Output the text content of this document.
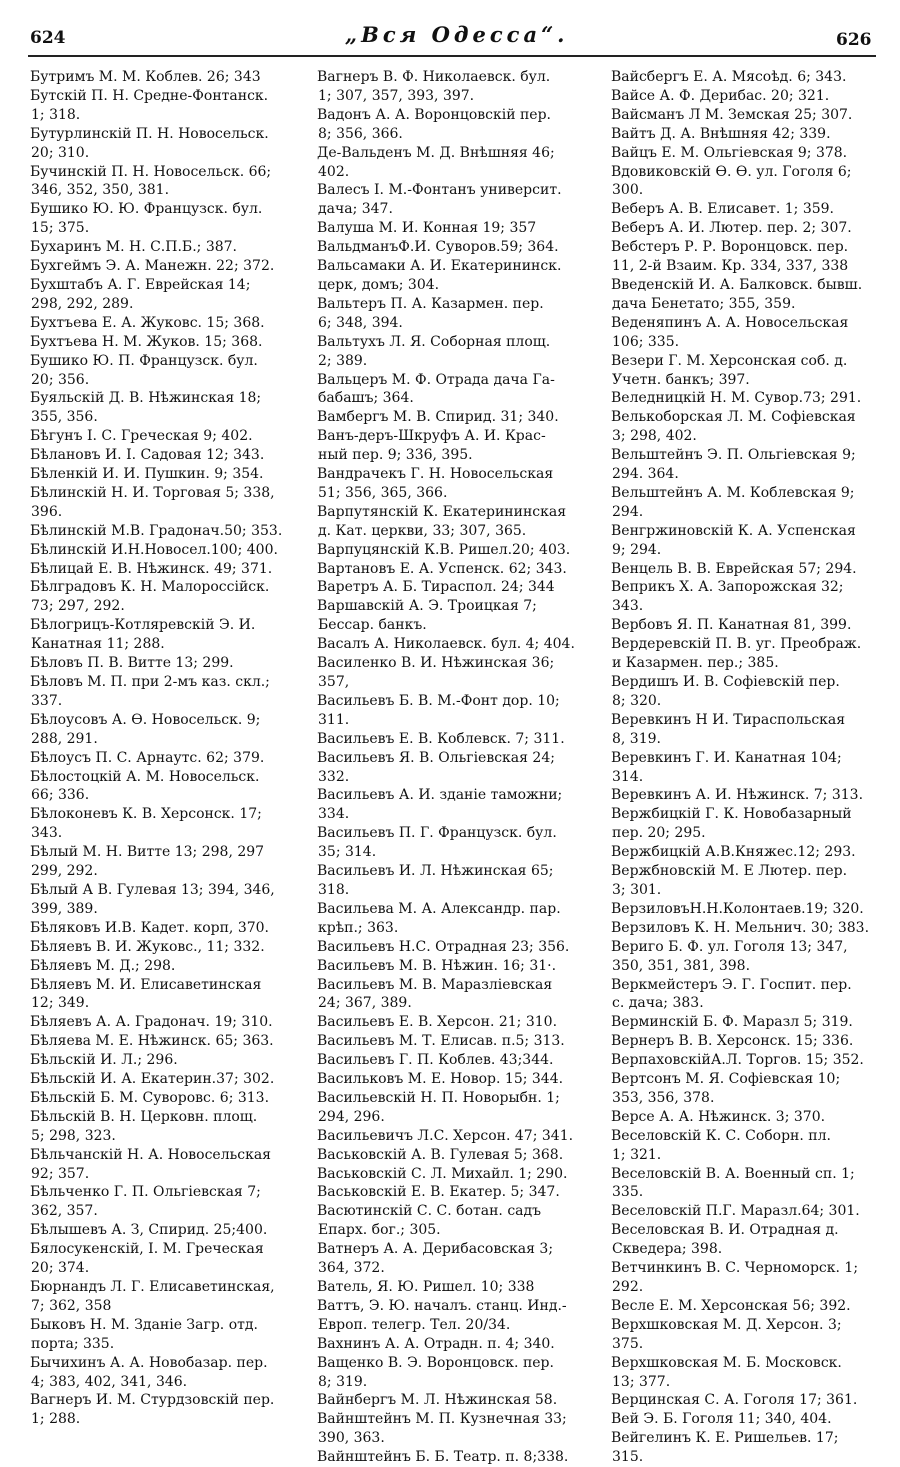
624	„Вся Одесса“.	626

Бутримъ М. М. Коблев. 26; 343

Бутскій П. Н. Средне-Фонтанск.
1; 318.

Бутурлинскій П. Н. Новосельск.
20; 310.

Бучинскій П. Н. Новосельск. 66;
346, 352, 350, 381.

Бушико Ю. Ю. Французск. бул.
15; 375.

Бухаринъ М. Н. С.П.Б.; 387.

Бухгеймъ Э. А. Манежн. 22; 372.

Бухштабъ А. Г. Еврейская 14;
298, 292, 289.

Бухтъева Е. А. Жуковс. 15; 368.

Бухтъева Н. М. Жуков. 15; 368.

Бушико Ю. П. Французск. бул.
20; 356.

Буяльскій Д. В. Нѣжинская 18;
355, 356.

Бѣгунъ І. С. Греческая 9; 402.

Бѣлановъ И. І. Садовая 12; 343.

Бѣленкій И. И. Пушкин. 9; 354.

Бѣлинскій Н. И. Торговая 5; 338,
396.

Бѣлинскій М.В. Градонач.50; 353.

Бѣлинскій И.Н.Новосел.100; 400.

Бѣлицай Е. В. Нѣжинск. 49; 371.

Бѣлградовъ К. Н. Малороссійск.
73; 297, 292.

Бѣлогрицъ-Котляревскій Э. И.
Канатная 11; 288.

Бѣловъ П. В. Витте 13; 299.

Бѣловъ М. П. при 2-мъ каз. скл.;
337.

Бѣлоусовъ А. Ѳ. Новосельск. 9;
288, 291.

Бѣлоусъ П. С. Арнаутс. 62; 379.

Бѣлостоцкій А. М. Новосельск.
66; 336.

Бѣлоконевъ К. В. Херсонск. 17;
343.

Бѣлый М. Н. Витте 13; 298, 297
299, 292.

Бѣлый А В. Гулевая 13; 394, 346,
399, 389.

Бѣляковъ И.В. Кадет. корп, 370.

Бѣляевъ В. И. Жуковс., 11; 332.

Бѣляевъ М. Д.; 298.

Бѣляевъ М. И. Елисаветинская
12; 349.

Бѣляевъ А. А. Градонач. 19; 310.

Бѣляева М. Е. Нѣжинск. 65; 363.

Бѣльскій И. Л.; 296.

Бѣльскій И. А. Екатерин.37; 302.

Бѣльскій Б. М. Суворовс. 6; 313.

Бѣльскій В. Н. Церковн. площ.
5; 298, 323.

Бѣльчанскій Н. А. Новосельская
92; 357.

Бѣльченко Г. П. Ольгіевская 7;
362, 357.

Бѣлышевъ А. З, Спирид. 25;400.

Бялосукенскій, І. М. Греческая
20; 374.

Бюрнандъ Л. Г. Елисаветинская,
7; 362, 358

Быковъ Н. М. Зданіе Загр. отд.
порта; 335.

Бычихинъ А. А. Новобазар. пер.
4; 383, 402, 341, 346.

Вагнеръ И. М. Стурдзовскій пер.
1; 288.

Вагнеръ В. Ф. Николаевск. бул.
1; 307, 357, 393, 397.

Вадонъ А. А. Воронцовскій пер.
8; 356, 366.

Де-Вальденъ М. Д. Внѣшняя 46;
402.

Валесъ І. М.-Фонтанъ университ.
дача; 347.

Валуша М. И. Конная 19; 357

ВальдманъФ.И. Суворов.59; 364.

Вальсамаки А. И. Екатерининск.
церк, домъ; 304.

Вальтеръ П. А. Казармен. пер.
6; 348, 394.

Вальтухъ Л. Я. Соборная площ.
2; 389.

Вальцеръ М. Ф. Отрада дача Га-
бабашъ; 364.

Вамбергъ М. В. Спирид. 31; 340.

Ванъ-деръ-Шкруфъ А. И. Крас-
ный пер. 9; 336, 395.

Вандрачекъ Г. Н. Новосельская
51; 356, 365, 366.

Варпутянскій К. Екатерининская
д. Кат. церкви, 33; 307, 365.

Варпуцянскій К.В. Ришел.20; 403.

Вартановъ Е. А. Успенск. 62; 343.

Варетръ А. Б. Тираспол. 24; 344

Варшавскій А. Э. Троицкая 7;
Бессар. банкъ.

Васалъ А. Николаевск. бул. 4; 404.

Василенко В. И. Нѣжинская 36;
357,

Васильевъ Б. В. М.-Фонт дор. 10;
311.

Васильевъ Е. В. Коблевск. 7; 311.

Васильевъ Я. В. Ольгіевская 24;
332.

Васильевъ А. И. зданіе таможни;
334.

Васильевъ П. Г. Французск. бул.
35; 314.

Васильевъ И. Л. Нѣжинская 65;
318.

Васильева М. А. Александр. пар.
крѣп.; 363.

Васильевъ Н.С. Отрадная 23; 356.

Васильевъ М. В. Нѣжин. 16; 31·.

Васильевъ М. В. Маразліевская
24; 367, 389.

Васильевъ Е. В. Херсон. 21; 310.

Васильевъ М. Т. Елисав. п.5; 313.

Васильевъ Г. П. Коблев. 43;344.

Васильковъ М. Е. Новор. 15; 344.

Васильевскій Н. П. Новорыбн. 1;
294, 296.

Васильевичъ Л.С. Херсон. 47; 341.

Васьковскій А. В. Гулевая 5; 368.

Васьковскій С. Л. Михайл. 1; 290.

Васьковскій Е. В. Екатер. 5; 347.

Васютинскій С. С. ботан. садъ
Епарх. бог.; 305.

Ватнеръ А. А. Дерибасовская 3;
364, 372.

Ватель, Я. Ю. Ришел. 10; 338

Ваттъ, Э. Ю. началъ. станц. Инд.-
Европ. телегр. Тел. 20/34.

Вахнинъ А. А. Отрадн. п. 4; 340.

Ващенко В. Э. Воронцовск. пер.
8; 319.

Вайнбергъ М. Л. Нѣжинская 58.

Вайнштейнъ М. П. Кузнечная 33;
390, 363.

Вайнштейнъ Б. Б. Театр. п. 8;338.

Вайсбергъ Е. А. Мясоѣд. 6; 343.

Вайсе А. Ф. Дерибас. 20; 321.

Вайсманъ Л М. Земская 25; 307.

Вайтъ Д. А. Внѣшняя 42; 339.

Вайцъ Е. М. Ольгіевская 9; 378.

Вдовиковскій Ѳ. Ѳ. ул. Гоголя 6;
300.

Веберъ А. В. Елисавет. 1; 359.

Веберъ А. И. Лютер. пер. 2; 307.

Вебстеръ Р. Р. Воронцовск. пер.
11, 2-й Взаим. Кр. 334, 337, 338

Введенскій И. А. Балковск. бывш.
дача Бенетато; 355, 359.

Веденяпинъ А. А. Новосельская
106; 335.

Везери Г. М. Херсонская соб. д.
Учетн. банкъ; 397.

Веледницкій Н. М. Сувор.73; 291.

Велькоборская Л. М. Софіевская
3; 298, 402.

Вельштейнъ Э. П. Ольгіевская 9;
294. 364.

Вельштейнъ А. М. Коблевская 9;
294.

Венгржиновскій К. А. Успенская
9; 294.

Венцель В. В. Еврейская 57; 294.

Веприкъ Х. А. Запорожская 32;
343.

Вербовъ Я. П. Канатная 81, 399.

Вердеревскій П. В. уг. Преображ.
и Казармен. пер.; 385.

Вердишъ И. В. Софіевскій пер.
8; 320.

Веревкинъ Н И. Тираспольская
8, 319.

Веревкинъ Г. И. Канатная 104;
314.

Веревкинъ А. И. Нѣжинск. 7; 313.

Вержбицкій Г. К. Новобазарный
пер. 20; 295.

Вержбицкій А.В.Княжес.12; 293.

Вержбновскій М. Е Лютер. пер.
3; 301.

ВерзиловъН.Н.Колонтаев.19; 320.

Верзиловъ К. Н. Мельнич. 30; 383.

Вериго Б. Ф. ул. Гоголя 13; 347,
350, 351, 381, 398.

Веркмейстеръ Э. Г. Госпит. пер.
с. дача; 383.

Верминскій Б. Ф. Маразл 5; 319.

Вернеръ В. В. Херсонск. 15; 336.

ВерпаховскійА.Л. Торгов. 15; 352.

Вертсонъ М. Я. Софіевская 10;
353, 356, 378.

Версе А. А. Нѣжинск. 3; 370.

Веселовскій К. С. Соборн. пл.
1; 321.

Веселовскій В. А. Военный сп. 1;
335.

Веселовскій П.Г. Маразл.64; 301.

Веселовская В. И. Отрадная д.
Скведера; 398.

Ветчинкинъ В. С. Черноморск. 1;
292.

Весле Е. М. Херсонская 56; 392.

Верхшковская М. Д. Херсон. 3;
375.

Верхшковская М. Б. Московск.
13; 377.

Верцинская С. А. Гоголя 17; 361.

Вей Э. Б. Гоголя 11; 340, 404.

Вейгелинъ К. Е. Ришельев. 17;
315.
